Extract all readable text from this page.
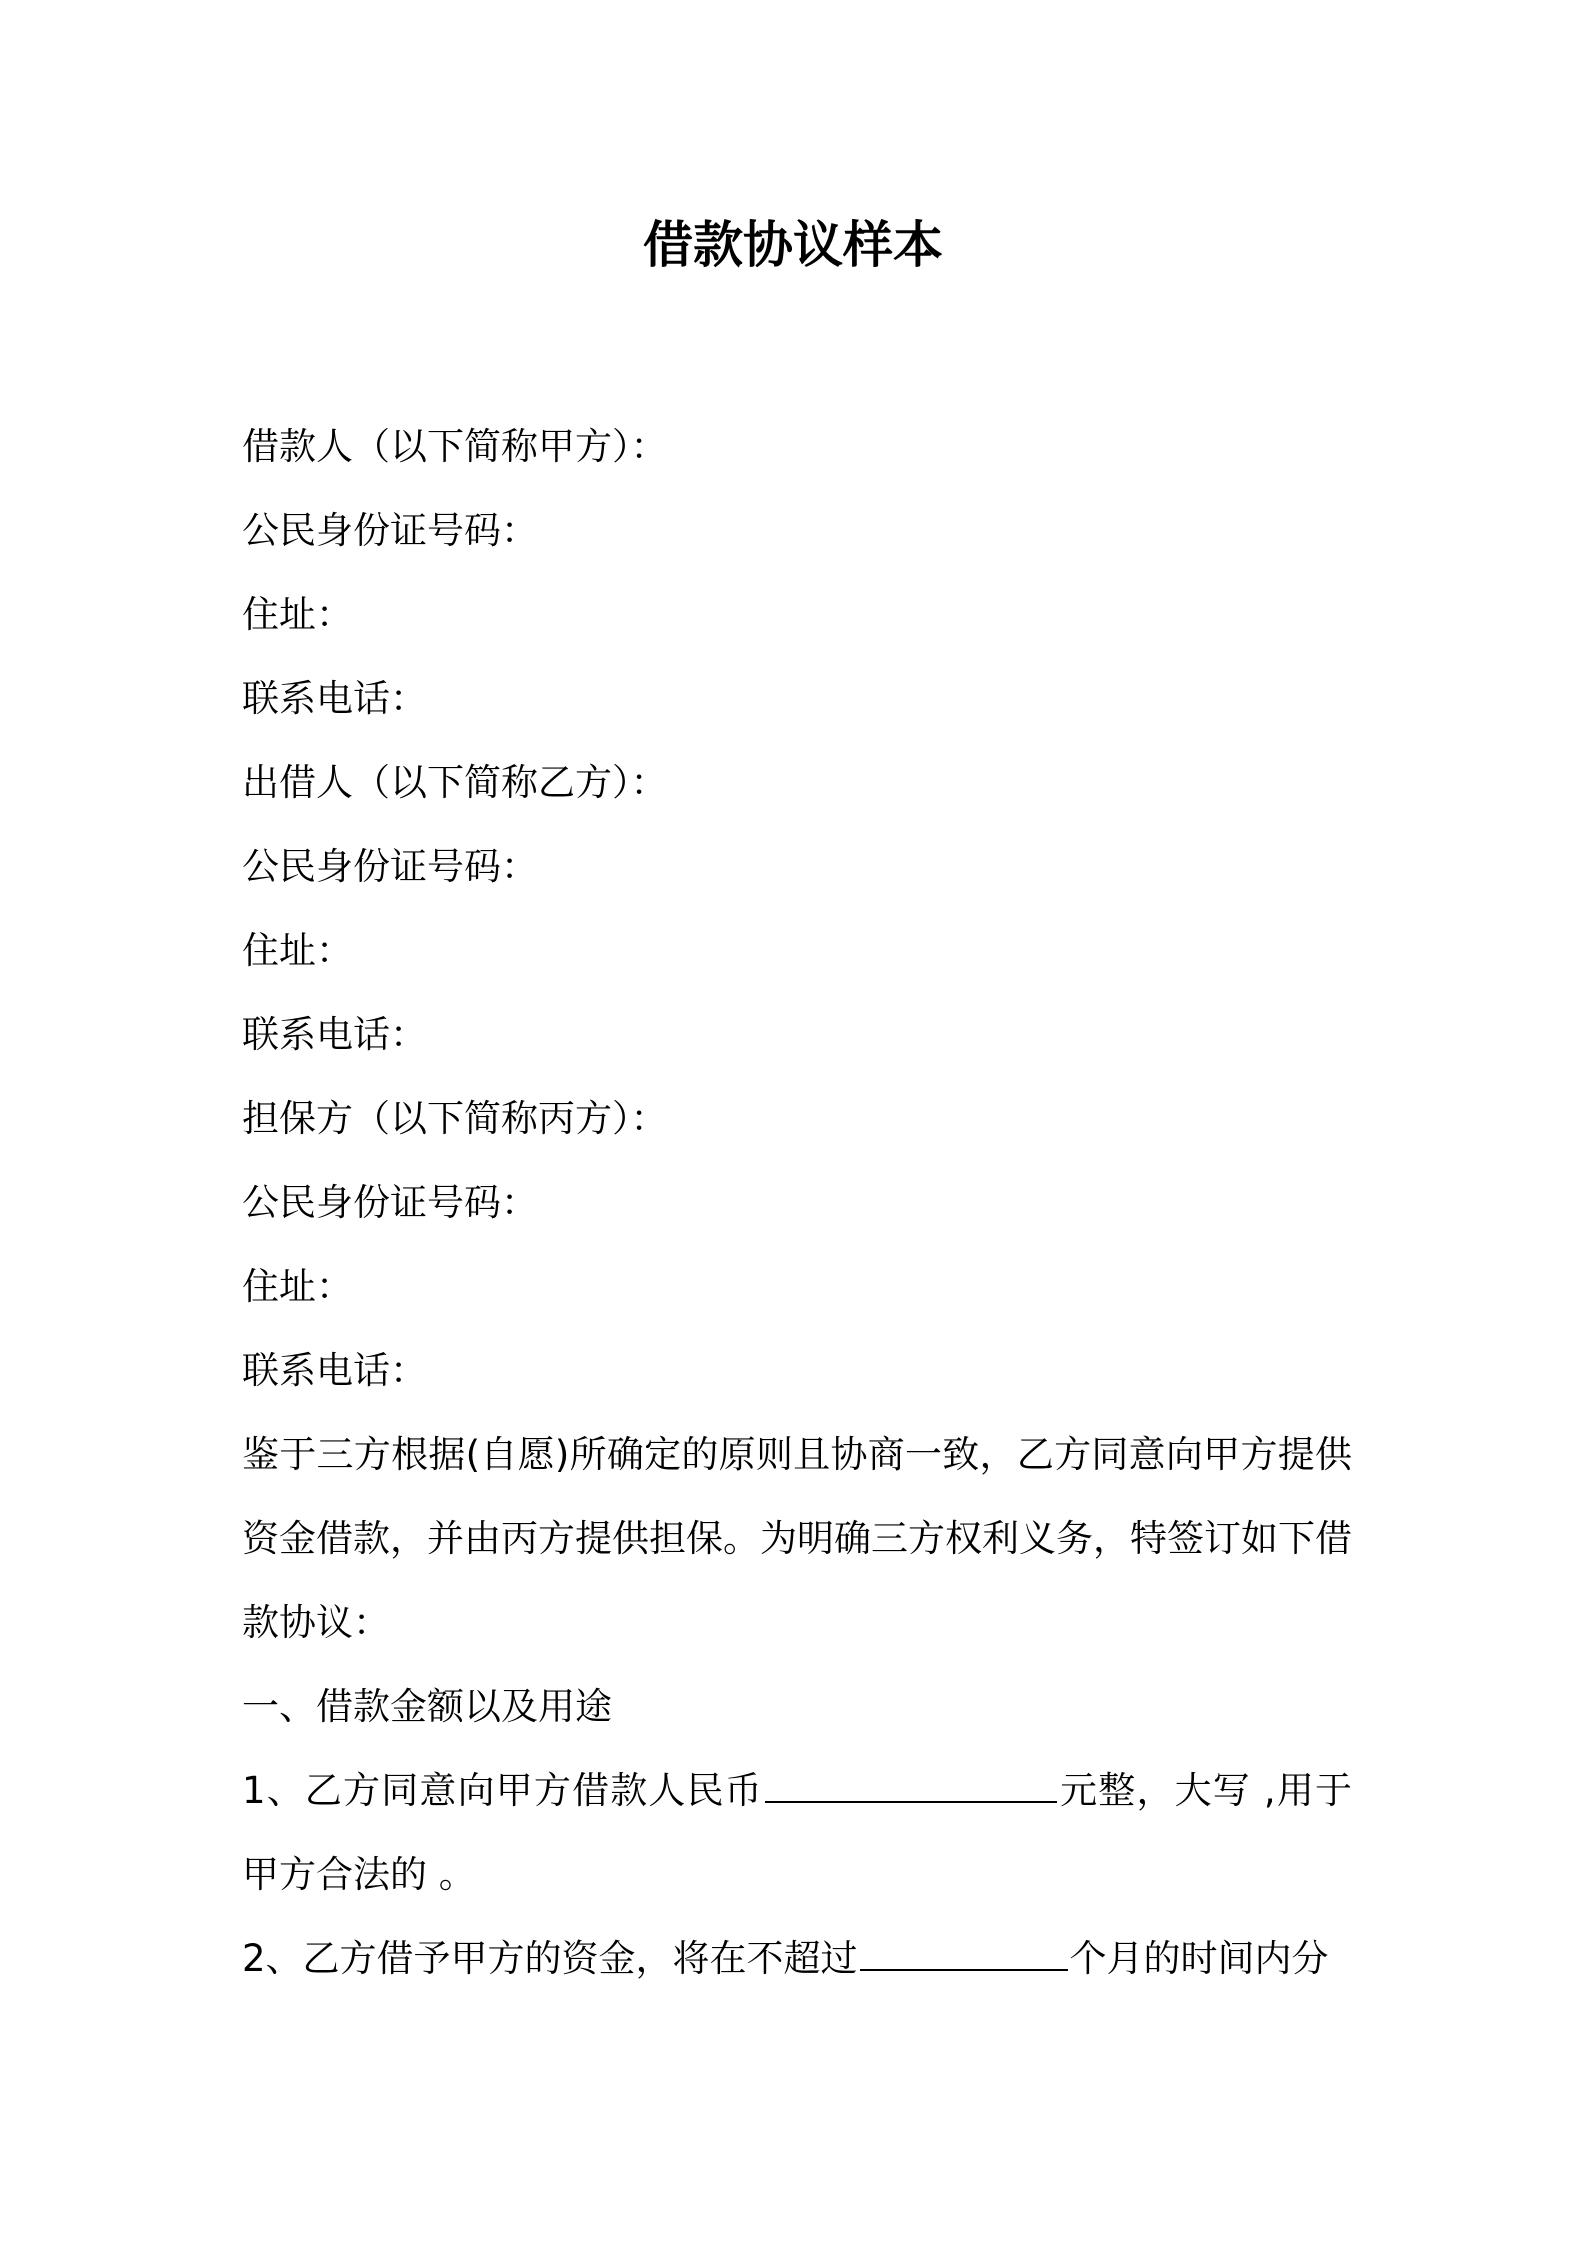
借款协议样本

借款人（以下简称甲方）：

公民身份证号码：

住址：

联系电话：

出借人（以下简称乙方）：

公民身份证号码：

住址：

联系电话：

担保方（以下简称丙方）：

公民身份证号码：

住址：

联系电话：

鉴于三方根据(自愿)所确定的原则且协商一致，乙方同意向甲方提供资金借款，并由丙方提供担保。为明确三方权利义务，特签订如下借款协议：

一、借款金额以及用途

1、乙方同意向甲方借款人民币	元整，大写 ,用于甲方合法的 。

2、乙方借予甲方的资金，将在不超过	个月的时间内分
